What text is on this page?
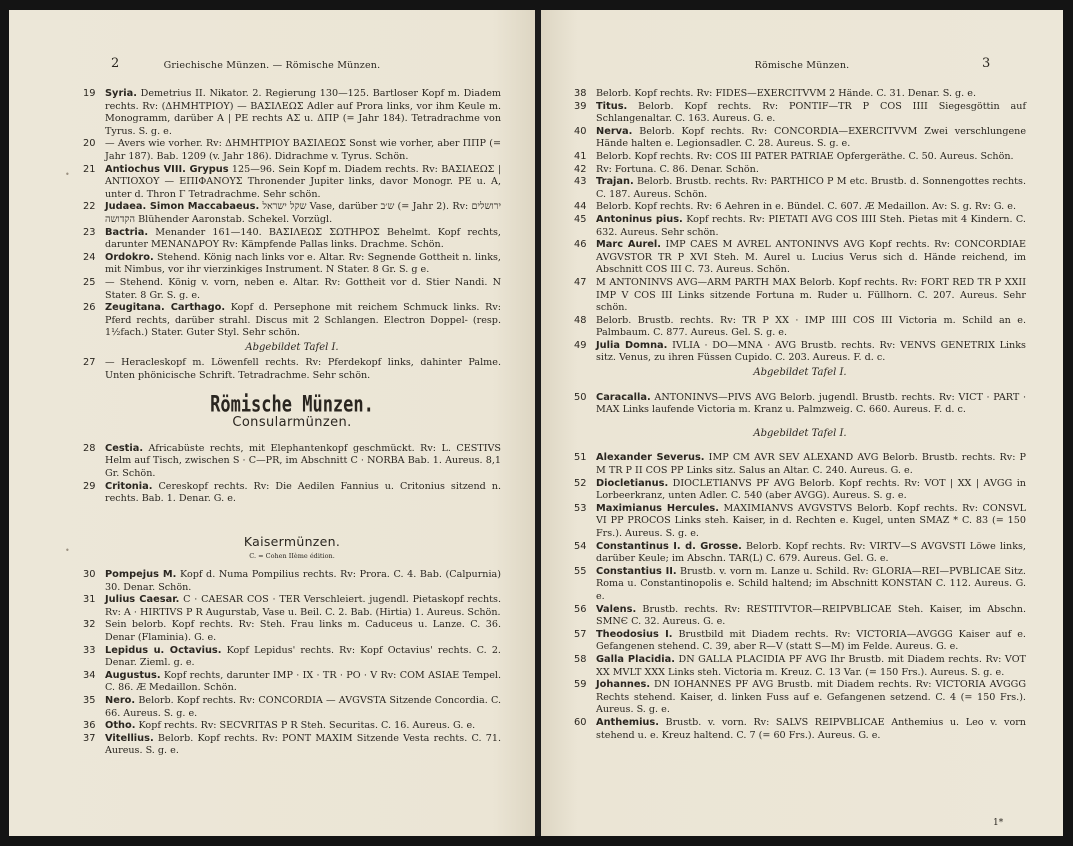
2	Griechische Münzen. — Römische Münzen.
•
•
19 Syria. Demetrius II. Nikator. 2. Regierung 130—125. Bartloser Kopf m. Diadem rechts. Rv: (ΔΗΜΗΤΡΙΟΥ) — ΒΑΣΙΛΕΩΣ Adler auf Prora links, vor ihm Keule m. Monogramm, darüber A | PE rechts ΑΣ u. ΔΠΡ (= Jahr 184). Tetradrachme von Tyrus. S. g. e.
20 — Avers wie vorher. Rv: ΔΗΜΗΤΡΙΟΥ ΒΑΣΙΛΕΩΣ Sonst wie vorher, aber ΠΠΡ (= Jahr 187). Bab. 1209 (v. Jahr 186). Didrachme v. Tyrus. Schön.
21 Antiochus VIII. Grypus 125—96. Sein Kopf m. Diadem rechts. Rv: ΒΑΣΙΛΕΩΣ | ΑΝΤΙΟΧΟΥ — ΕΠΙΦΑΝΟΥΣ Thronender Jupiter links, davor Monogr. PE u. A, unter d. Thron Γ Tetradrachme. Sehr schön.
22 Judaea. Simon Maccabaeus. שקל ישראל Vase, darüber ש׳ב (= Jahr 2). Rv: ירושלים הקדושה Blühender Aaronstab. Schekel. Vorzügl.
23 Bactria. Menander 161—140. ΒΑΣΙΛΕΩΣ ΣΩΤΗΡΟΣ Behelmt. Kopf rechts, darunter ΜΕΝΑΝΔΡΟΥ Rv: Kämpfende Pallas links. Drachme. Schön.
24 Ordokro. Stehend. König nach links vor e. Altar. Rv: Segnende Gottheit n. links, mit Nimbus, vor ihr vierzinkiges Instrument. N Stater. 8 Gr. S. g e.
25 — Stehend. König v. vorn, neben e. Altar. Rv: Gottheit vor d. Stier Nandi. N Stater. 8 Gr. S. g. e.
26 Zeugitana. Carthago. Kopf d. Persephone mit reichem Schmuck links. Rv: Pferd rechts, darüber strahl. Discus mit 2 Schlangen. Electron Doppel- (resp. 1½fach.) Stater. Guter Styl. Sehr schön.
Abgebildet Tafel I.
27 — Heracleskopf m. Löwenfell rechts. Rv: Pferdekopf links, dahinter Palme. Unten phönicische Schrift. Tetradrachme. Sehr schön.
Römische Münzen.
Consularmünzen.
28 Cestia. Africabüste rechts, mit Elephantenkopf geschmückt. Rv: L. CESTIVS Helm auf Tisch, zwischen S · C—PR, im Abschnitt C · NORBA Bab. 1. Aureus. 8,1 Gr. Schön.
29 Critonia. Cereskopf rechts. Rv: Die Aedilen Fannius u. Critonius sitzend n. rechts. Bab. 1. Denar. G. e.
Kaisermünzen.
C. = Cohen IIème édition.
30 Pompejus M. Kopf d. Numa Pompilius rechts. Rv: Prora. C. 4. Bab. (Calpurnia) 30. Denar. Schön.
31 Julius Caesar. C · CAESAR COS · TER Verschleiert. jugendl. Pietaskopf rechts. Rv: A · HIRTIVS P R Augurstab, Vase u. Beil. C. 2. Bab. (Hirtia) 1. Aureus. Schön.
32 Sein belorb. Kopf rechts. Rv: Steh. Frau links m. Caduceus u. Lanze. C. 36. Denar (Flaminia). G. e.
33 Lepidus u. Octavius. Kopf Lepidus' rechts. Rv: Kopf Octavius' rechts. C. 2. Denar. Zieml. g. e.
34 Augustus. Kopf rechts, darunter IMP · IX · TR · PO · V Rv: COM ASIAE Tempel. C. 86. Æ Medaillon. Schön.
35 Nero. Belorb. Kopf rechts. Rv: CONCORDIA — AVGVSTA Sitzende Concordia. C. 66. Aureus. S. g. e.
36 Otho. Kopf rechts. Rv: SECVRITAS P R Steh. Securitas. C. 16. Aureus. G. e.
37 Vitellius. Belorb. Kopf rechts. Rv: PONT MAXIM Sitzende Vesta rechts. C. 71. Aureus. S. g. e.
Römische Münzen.	3
38 Belorb. Kopf rechts. Rv: FIDES—EXERCITVVM 2 Hände. C. 31. Denar. S. g. e.
39 Titus. Belorb. Kopf rechts. Rv: PONTIF—TR P COS IIII Siegesgöttin auf Schlangenaltar. C. 163. Aureus. G. e.
40 Nerva. Belorb. Kopf rechts. Rv: CONCORDIA—EXERCITVVM Zwei verschlungene Hände halten e. Legionsadler. C. 28. Aureus. S. g. e.
41 Belorb. Kopf rechts. Rv: COS III PATER PATRIAE Opfergeräthe. C. 50. Aureus. Schön.
42 Rv: Fortuna. C. 86. Denar. Schön.
43 Trajan. Belorb. Brustb. rechts. Rv: PARTHICO P M etc. Brustb. d. Sonnengottes rechts. C. 187. Aureus. Schön.
44 Belorb. Kopf rechts. Rv: 6 Aehren in e. Bündel. C. 607. Æ Medaillon. Av: S. g. Rv: G. e.
45 Antoninus pius. Kopf rechts. Rv: PIETATI AVG COS IIII Steh. Pietas mit 4 Kindern. C. 632. Aureus. Sehr schön.
46 Marc Aurel. IMP CAES M AVREL ANTONINVS AVG Kopf rechts. Rv: CONCORDIAE AVGVSTOR TR P XVI Steh. M. Aurel u. Lucius Verus sich d. Hände reichend, im Abschnitt COS III C. 73. Aureus. Schön.
47 M ANTONINVS AVG—ARM PARTH MAX Belorb. Kopf rechts. Rv: FORT RED TR P XXII IMP V COS III Links sitzende Fortuna m. Ruder u. Füllhorn. C. 207. Aureus. Sehr schön.
48 Belorb. Brustb. rechts. Rv: TR P XX · IMP IIII COS III Victoria m. Schild an e. Palmbaum. C. 877. Aureus. Gel. S. g. e.
49 Julia Domna. IVLIA · DO—MNA · AVG Brustb. rechts. Rv: VENVS GENETRIX Links sitz. Venus, zu ihren Füssen Cupido. C. 203. Aureus. F. d. c.
Abgebildet Tafel I.
50 Caracalla. ANTONINVS—PIVS AVG Belorb. jugendl. Brustb. rechts. Rv: VICT · PART · MAX Links laufende Victoria m. Kranz u. Palmzweig. C. 660. Aureus. F. d. c.
Abgebildet Tafel I.
51 Alexander Severus. IMP CM AVR SEV ALEXAND AVG Belorb. Brustb. rechts. Rv: P M TR P II COS PP Links sitz. Salus an Altar. C. 240. Aureus. G. e.
52 Diocletianus. DIOCLETIANVS PF AVG Belorb. Kopf rechts. Rv: VOT | XX | AVGG in Lorbeerkranz, unten Adler. C. 540 (aber AVGG). Aureus. S. g. e.
53 Maximianus Hercules. MAXIMIANVS AVGVSTVS Belorb. Kopf rechts. Rv: CONSVL VI PP PROCOS Links steh. Kaiser, in d. Rechten e. Kugel, unten SMAZ * C. 83 (= 150 Frs.). Aureus. S. g. e.
54 Constantinus I. d. Grosse. Belorb. Kopf rechts. Rv: VIRTV—S AVGVSTI Löwe links, darüber Keule; im Abschn. TAR(L) C. 679. Aureus. Gel. G. e.
55 Constantius II. Brustb. v. vorn m. Lanze u. Schild. Rv: GLORIA—REI—PVBLICAE Sitz. Roma u. Constantinopolis e. Schild haltend; im Abschnitt KONSTAN C. 112. Aureus. G. e.
56 Valens. Brustb. rechts. Rv: RESTITVTOR—REIPVBLICAE Steh. Kaiser, im Abschn. SMNЄ C. 32. Aureus. G. e.
57 Theodosius I. Brustbild mit Diadem rechts. Rv: VICTORIA—AVGGG Kaiser auf e. Gefangenen stehend. C. 39, aber R—V (statt S—M) im Felde. Aureus. G. e.
58 Galla Placidia. DN GALLA PLACIDIA PF AVG Ihr Brustb. mit Diadem rechts. Rv: VOT XX MVLT XXX Links steh. Victoria m. Kreuz. C. 13 Var. (= 150 Frs.). Aureus. S. g. e.
59 Johannes. DN IOHANNES PF AVG Brustb. mit Diadem rechts. Rv: VICTORIA AVGGG Rechts stehend. Kaiser, d. linken Fuss auf e. Gefangenen setzend. C. 4 (= 150 Frs.). Aureus. S. g. e.
60 Anthemius. Brustb. v. vorn. Rv: SALVS REIPVBLICAE Anthemius u. Leo v. vorn stehend u. e. Kreuz haltend. C. 7 (= 60 Frs.). Aureus. G. e.
1*
